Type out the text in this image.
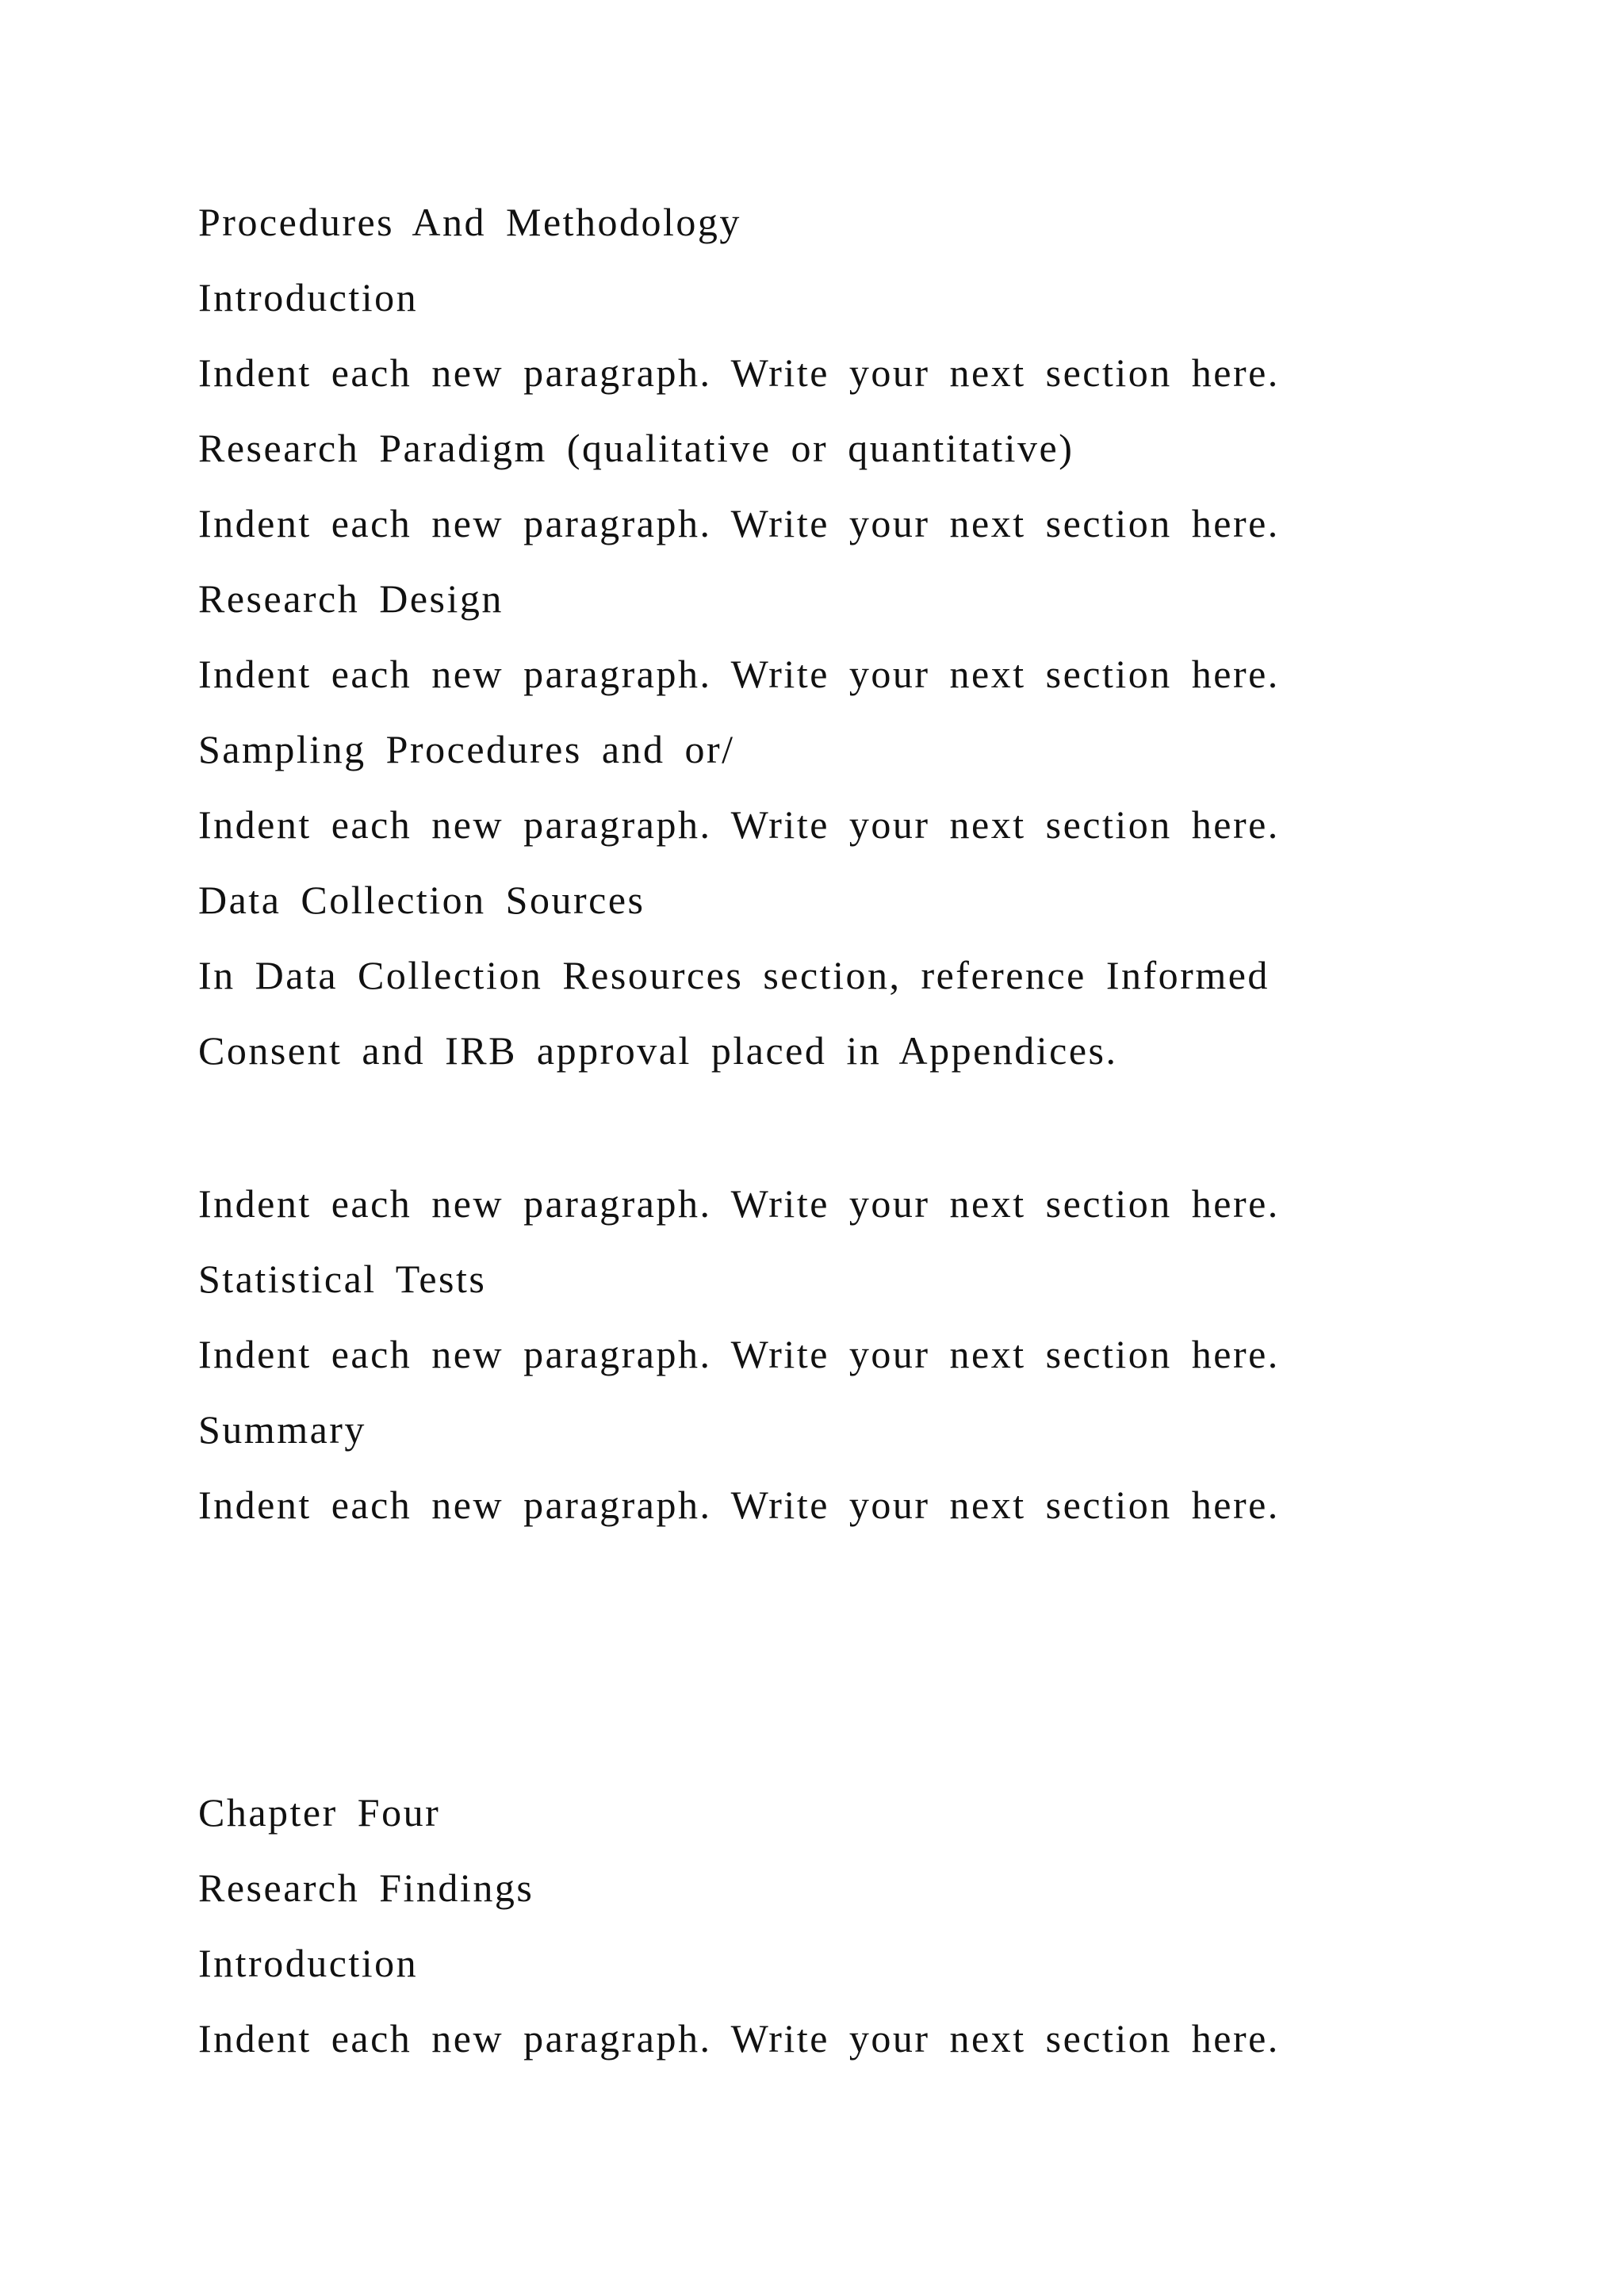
Procedures And Methodology

Introduction

Indent each new paragraph. Write your next section here.

Research Paradigm (qualitative or quantitative)

Indent each new paragraph. Write your next section here.

Research Design

Indent each new paragraph. Write your next section here.

Sampling Procedures and or/

Indent each new paragraph. Write your next section here.

Data Collection Sources

In Data Collection Resources section, reference Informed

Consent and IRB approval placed in Appendices.

Indent each new paragraph. Write your next section here.

Statistical Tests

Indent each new paragraph. Write your next section here.

Summary

Indent each new paragraph. Write your next section here.

Chapter Four

Research Findings

Introduction

Indent each new paragraph. Write your next section here.
